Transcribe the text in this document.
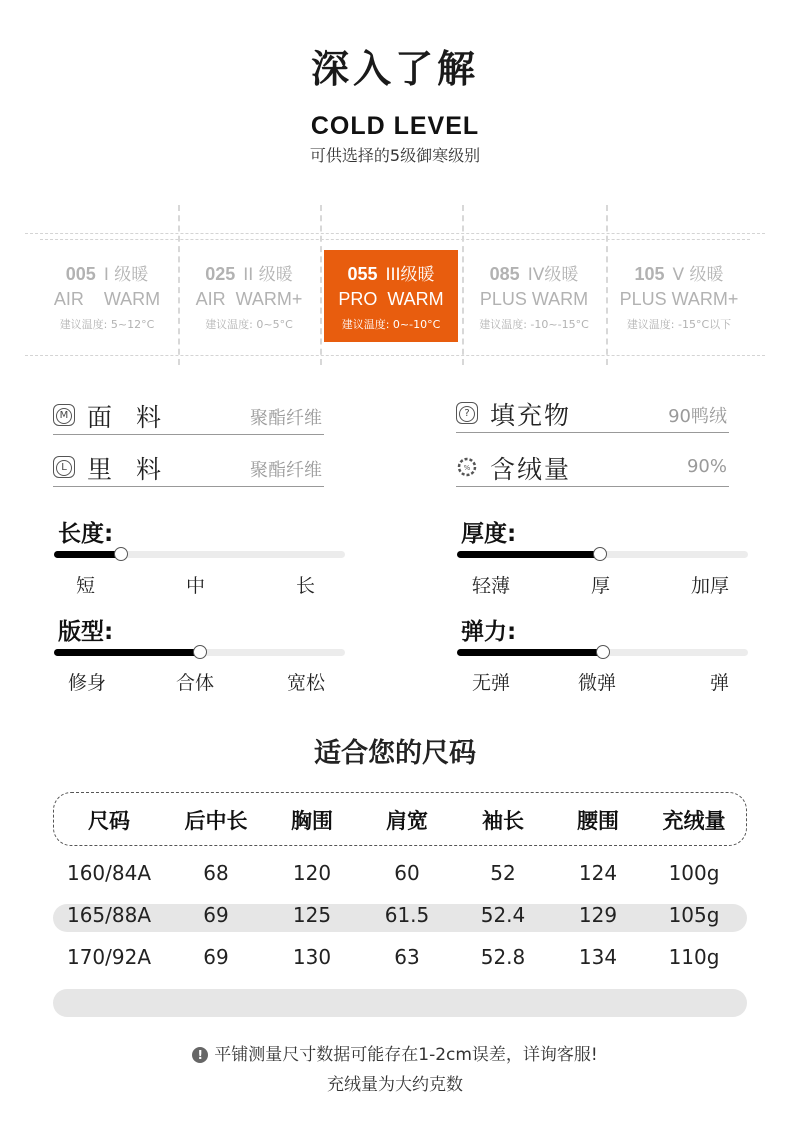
深入了解
COLD LEVEL
可供选择的5级御寒级别
005 I 级暖
AIR    WARM
建议温度: 5~12°C
025 II 级暖
AIR  WARM+
建议温度: 0~5°C
055 III级暖
PRO  WARM
建议温度: 0~-10°C
085 IV级暖
PLUS WARM
建议温度: -10~-15°C
105 V 级暖
PLUS WARM+
建议温度: -15°C以下
M 面料	聚酯纤维
L 里料	聚酯纤维
? 填充物	90鸭绒
% 含绒量	90%
长度:
短	中	长
厚度:
轻薄	厚	加厚
版型:
修身	合体	宽松
弹力:
无弹	微弹	弹
适合您的尺码
尺码	后中长	胸围	肩宽	袖长	腰围	充绒量
160/84A	68	120	60	52	124	100g
165/88A	69	125	61.5	52.4	129	105g
170/92A	69	130	63	52.8	134	110g
! 平铺测量尺寸数据可能存在1-2cm误差，详询客服!
充绒量为大约克数
